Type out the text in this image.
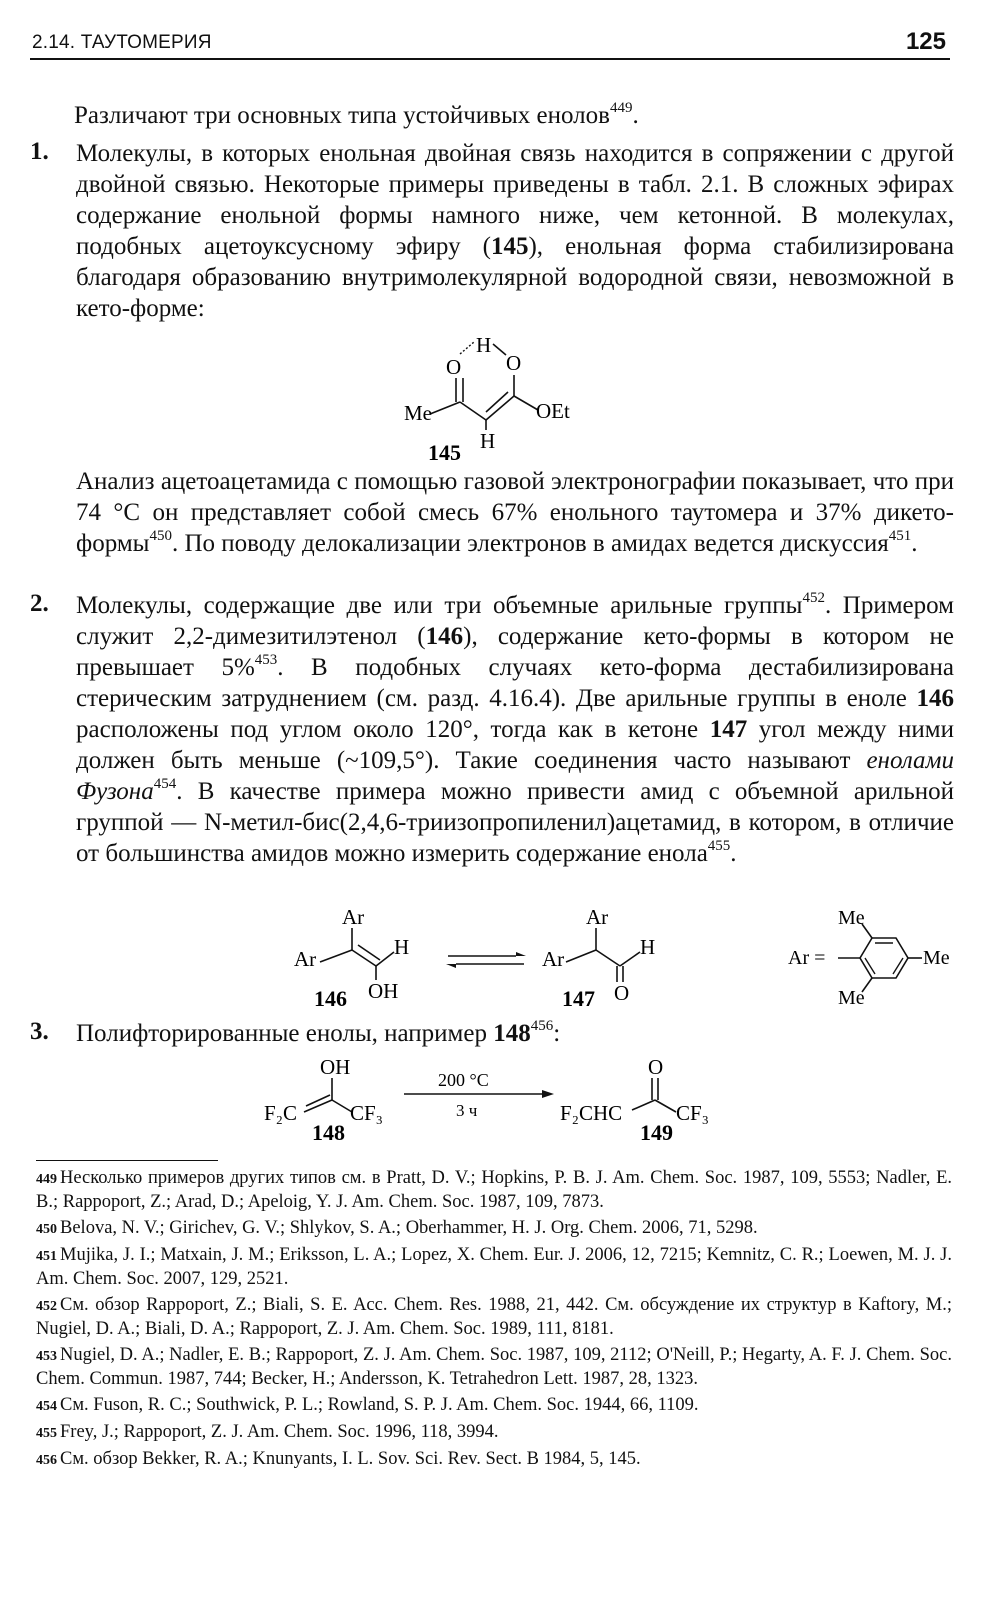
2.14. ТАУТОМЕРИЯ	125
Различают три основных типа устойчивых енолов$^{449}$.
1. Молекулы, в которых енольная двойная связь находится в сопряжении с другой двойной связью. Некоторые примеры приведены в табл. 2.1. В сложных эфирах содержание енольной формы намного ниже, чем кетонной. В молекулах, подобных ацетоуксусному эфиру (145), енольная форма стабилизирована благодаря образованию внутримолекулярной водородной связи, невозможной в кето-форме:
H
O O
Me	OEt
H
145
Анализ ацетоацетамида с помощью газовой электронографии показывает, что при 74 °С он представляет собой смесь 67% енольного таутомера и 37% дикето-формы$^{450}$. По поводу делокализации электронов в амидах ведется дискуссия$^{451}$.
2. Молекулы, содержащие две или три объемные арильные группы$^{452}$. Примером служит 2,2-димезитилэтенол (146), содержание кето-формы в котором не превышает 5%$^{453}$. В подобных случаях кето-форма дестабилизирована стерическим затруднением (см. разд. 4.16.4). Две арильные группы в еноле 146 расположены под углом около 120°, тогда как в кетоне 147 угол между ними должен быть меньше (~109,5°). Такие соединения часто называют енолами Фузона$^{454}$. В качестве примера можно привести амид с объемной арильной группой — N-метил-бис(2,4,6-триизопропиленил)ацетамид, в котором, в отличие от большинства амидов можно измерить содержание енола$^{455}$.
Ar
Ar	H
OH
146
Ar
Ar	H
O
147
Ar =
Me
Me
Me
3. Полифторированные енолы, например $148^{456}$:
OH
F₂C	CF₃
148
200 °C
3 ч
O
F₂CHC	CF₃
149

449 Несколько примеров других типов см. в Pratt, D. V.; Hopkins, P. B. J. Am. Chem. Soc. 1987, 109, 5553; Nadler, E. B.; Rappoport, Z.; Arad, D.; Apeloig, Y. J. Am. Chem. Soc. 1987, 109, 7873.

450 Belova, N. V.; Girichev, G. V.; Shlykov, S. A.; Oberhammer, H. J. Org. Chem. 2006, 71, 5298.

451 Mujika, J. I.; Matxain, J. M.; Eriksson, L. A.; Lopez, X. Chem. Eur. J. 2006, 12, 7215; Kemnitz, C. R.; Loewen, M. J. J. Am. Chem. Soc. 2007, 129, 2521.

452 См. обзор Rappoport, Z.; Biali, S. E. Acc. Chem. Res. 1988, 21, 442. См. обсуждение их структур в Kaftory, M.; Nugiel, D. A.; Biali, D. A.; Rappoport, Z. J. Am. Chem. Soc. 1989, 111, 8181.

453 Nugiel, D. A.; Nadler, E. B.; Rappoport, Z. J. Am. Chem. Soc. 1987, 109, 2112; O'Neill, P.; Hegarty, A. F. J. Chem. Soc. Chem. Commun. 1987, 744; Becker, H.; Andersson, K. Tetrahedron Lett. 1987, 28, 1323.

454 См. Fuson, R. C.; Southwick, P. L.; Rowland, S. P. J. Am. Chem. Soc. 1944, 66, 1109.

455 Frey, J.; Rappoport, Z. J. Am. Chem. Soc. 1996, 118, 3994.

456 См. обзор Bekker, R. A.; Knunyants, I. L. Sov. Sci. Rev. Sect. B 1984, 5, 145.
